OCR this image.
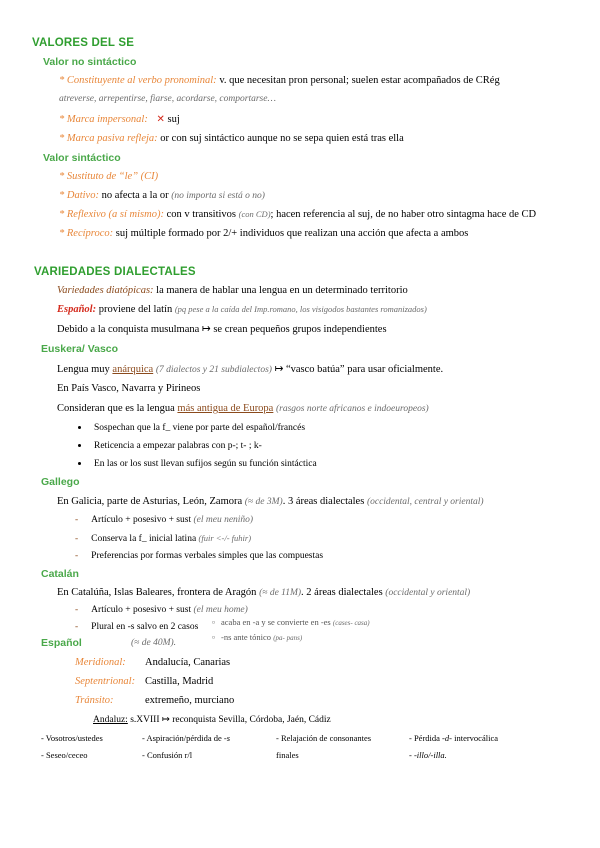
VALORES DEL SE
Valor no sintáctico
* Constituyente al verbo pronominal: v. que necesitan pron personal; suelen estar acompañados de CRég
atreverse, arrepentirse, fiarse, acordarse, comportarse…
* Marca impersonal: ✕ suj
* Marca pasiva refleja: or con suj sintáctico aunque no se sepa quien está tras ella
Valor sintáctico
* Sustituto de “le” (CI)
* Dativo: no afecta a la or (no importa si está o no)
* Reflexivo (a sí mismo): con v transitivos (con CD); hacen referencia al suj, de no haber otro sintagma hace de CD
* Recíproco: suj múltiple formado por 2/+ individuos que realizan una acción que afecta a ambos
VARIEDADES DIALECTALES
Variedades diatópicas: la manera de hablar una lengua en un determinado territorio
Español: proviene del latín (pq pese a la caída del Imp.romano, los visigodos bastantes romanizados)
Debido a la conquista musulmana ↦ se crean pequeños grupos independientes
Euskera/ Vasco
Lengua muy anárquica (7 dialectos y 21 subdialectos) ↦ “vasco batúa” para usar oficialmente.
En País Vasco, Navarra y Pirineos
Consideran que es la lengua más antigua de Europa (rasgos norte africanos e indoeuropeos)
Sospechan que la f_ viene por parte del español/francés
Reticencia a empezar palabras con p-; t- ; k-
En las or los sust llevan sufijos según su función sintáctica
Gallego
En Galicia, parte de Asturias, León, Zamora (≈ de 3M). 3 áreas dialectales (occidental, central y oriental)
- Artículo + posesivo + sust (el meu neniño)
- Conserva la f_ inicial latina (fuir <-/- fuhir)
- Preferencias por formas verbales simples que las compuestas
Catalán
En Catalúña, Islas Baleares, frontera de Aragón (≈ de 11M). 2 áreas dialectales (occidental y oriental)
- Artículo + posesivo + sust (el meu home)
- Plural en -s salvo en 2 casos ▫ acaba en -a y se convierte en -es (cases- casa)
▫ -ns ante tónico (pa- pans)
Español	(≈ de 40M).
Meridional: Andalucía, Canarias
Septentrional: Castilla, Madrid
Tránsito:	extremeño, murciano
Andaluz: s.XVIII ↦ reconquista Sevilla, Córdoba, Jaén, Cádiz
- Vosotros/ustedes
- Seseo/ceceo
- Aspiración/pérdida de -s
- Confusión r/l
- Relajación de consonantes
finales
- Pérdida -d- intervocálica
- -illo/-illa.
